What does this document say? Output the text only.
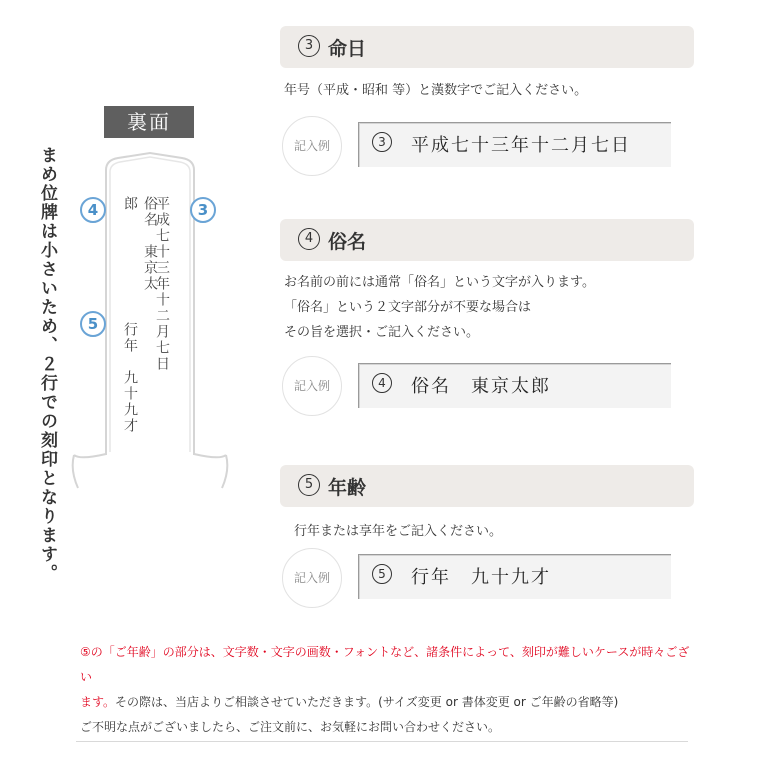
裏面
まめ位牌は小さいため、２行での刻印となります。	平成七十三年十二月七日
俗名　東京太郎
行年　九十九才
4	3
5
3 命日
年号（平成・昭和 等）と漢数字でご記入ください。
記入例	3	平成七十三年十二月七日
4 俗名
お名前の前には通常「俗名」という文字が入ります。
「俗名」という２文字部分が不要な場合は
その旨を選択・ご記入ください。
記入例	4	俗名　東京太郎
5 年齢
行年または享年をご記入ください。
記入例	5	行年　九十九才
⑤の「ご年齢」の部分は、文字数・文字の画数・フォントなど、諸条件によって、刻印が難しいケースが時々ござい
ます。その際は、当店よりご相談させていただきます。(サイズ変更 or 書体変更 or ご年齢の省略等)
ご不明な点がございましたら、ご注文前に、お気軽にお問い合わせください。
